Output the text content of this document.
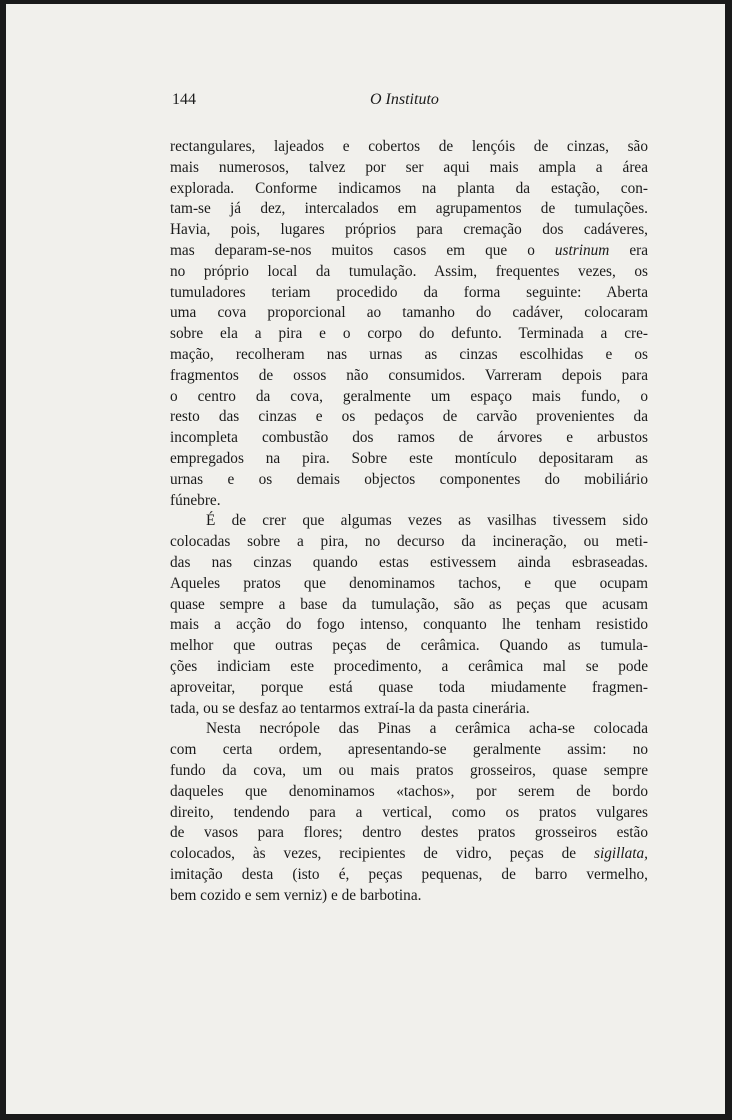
144	O Instituto
rectangulares, lajeados e cobertos de lençóis de cinzas, são
mais numerosos, talvez por ser aqui mais ampla a área
explorada. Conforme indicamos na planta da estação, con-
tam-se já dez, intercalados em agrupamentos de tumulações.
Havia, pois, lugares próprios para cremação dos cadáveres,
mas deparam-se-nos muitos casos em que o ustrinum era
no próprio local da tumulação. Assim, frequentes vezes, os
tumuladores teriam procedido da forma seguinte: Aberta
uma cova proporcional ao tamanho do cadáver, colocaram
sobre ela a pira e o corpo do defunto. Terminada a cre-
mação, recolheram nas urnas as cinzas escolhidas e os
fragmentos de ossos não consumidos. Varreram depois para
o centro da cova, geralmente um espaço mais fundo, o
resto das cinzas e os pedaços de carvão provenientes da
incompleta combustão dos ramos de árvores e arbustos
empregados na pira. Sobre este montículo depositaram as
urnas e os demais objectos componentes do mobiliário
fúnebre.
É de crer que algumas vezes as vasilhas tivessem sido
colocadas sobre a pira, no decurso da incineração, ou meti-
das nas cinzas quando estas estivessem ainda esbraseadas.
Aqueles pratos que denominamos tachos, e que ocupam
quase sempre a base da tumulação, são as peças que acusam
mais a acção do fogo intenso, conquanto lhe tenham resistido
melhor que outras peças de cerâmica. Quando as tumula-
ções indiciam este procedimento, a cerâmica mal se pode
aproveitar, porque está quase toda miudamente fragmen-
tada, ou se desfaz ao tentarmos extraí-la da pasta cinerária.
Nesta necrópole das Pinas a cerâmica acha-se colocada
com certa ordem, apresentando-se geralmente assim: no
fundo da cova, um ou mais pratos grosseiros, quase sempre
daqueles que denominamos «tachos», por serem de bordo
direito, tendendo para a vertical, como os pratos vulgares
de vasos para flores; dentro destes pratos grosseiros estão
colocados, às vezes, recipientes de vidro, peças de sigillata,
imitação desta (isto é, peças pequenas, de barro vermelho,
bem cozido e sem verniz) e de barbotina.
